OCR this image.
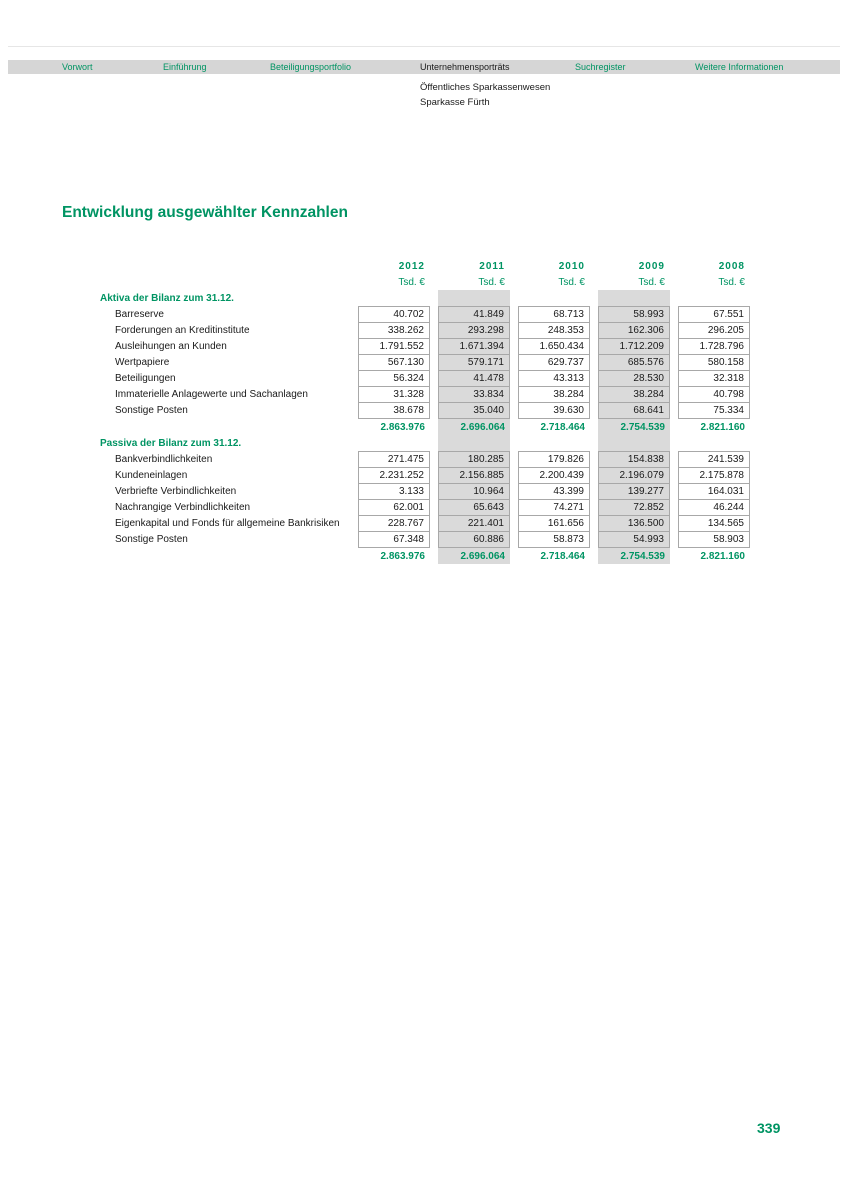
Vorwort	Einführung	Beteiligungsportfolio	Unternehmensporträts	Suchregister	Weitere Informationen
Öffentliches Sparkassenwesen
Sparkasse Fürth
Entwicklung ausgewählter Kennzahlen
2012	2011	2010	2009	2008
Tsd. €	Tsd. €	Tsd. €	Tsd. €	Tsd. €
Aktiva der Bilanz zum 31.12.
Barreserve	40.702	41.849	68.713	58.993	67.551
Forderungen an Kreditinstitute	338.262	293.298	248.353	162.306	296.205
Ausleihungen an Kunden	1.791.552	1.671.394	1.650.434	1.712.209	1.728.796
Wertpapiere	567.130	579.171	629.737	685.576	580.158
Beteiligungen	56.324	41.478	43.313	28.530	32.318
Immaterielle Anlagewerte und Sachanlagen	31.328	33.834	38.284	38.284	40.798
Sonstige Posten	38.678	35.040	39.630	68.641	75.334
2.863.976	2.696.064	2.718.464	2.754.539	2.821.160
Passiva der Bilanz zum 31.12.
Bankverbindlichkeiten	271.475	180.285	179.826	154.838	241.539
Kundeneinlagen	2.231.252	2.156.885	2.200.439	2.196.079	2.175.878
Verbriefte Verbindlichkeiten	3.133	10.964	43.399	139.277	164.031
Nachrangige Verbindlichkeiten	62.001	65.643	74.271	72.852	46.244
Eigenkapital und Fonds für allgemeine Bankrisiken	228.767	221.401	161.656	136.500	134.565
Sonstige Posten	67.348	60.886	58.873	54.993	58.903
2.863.976	2.696.064	2.718.464	2.754.539	2.821.160
339
